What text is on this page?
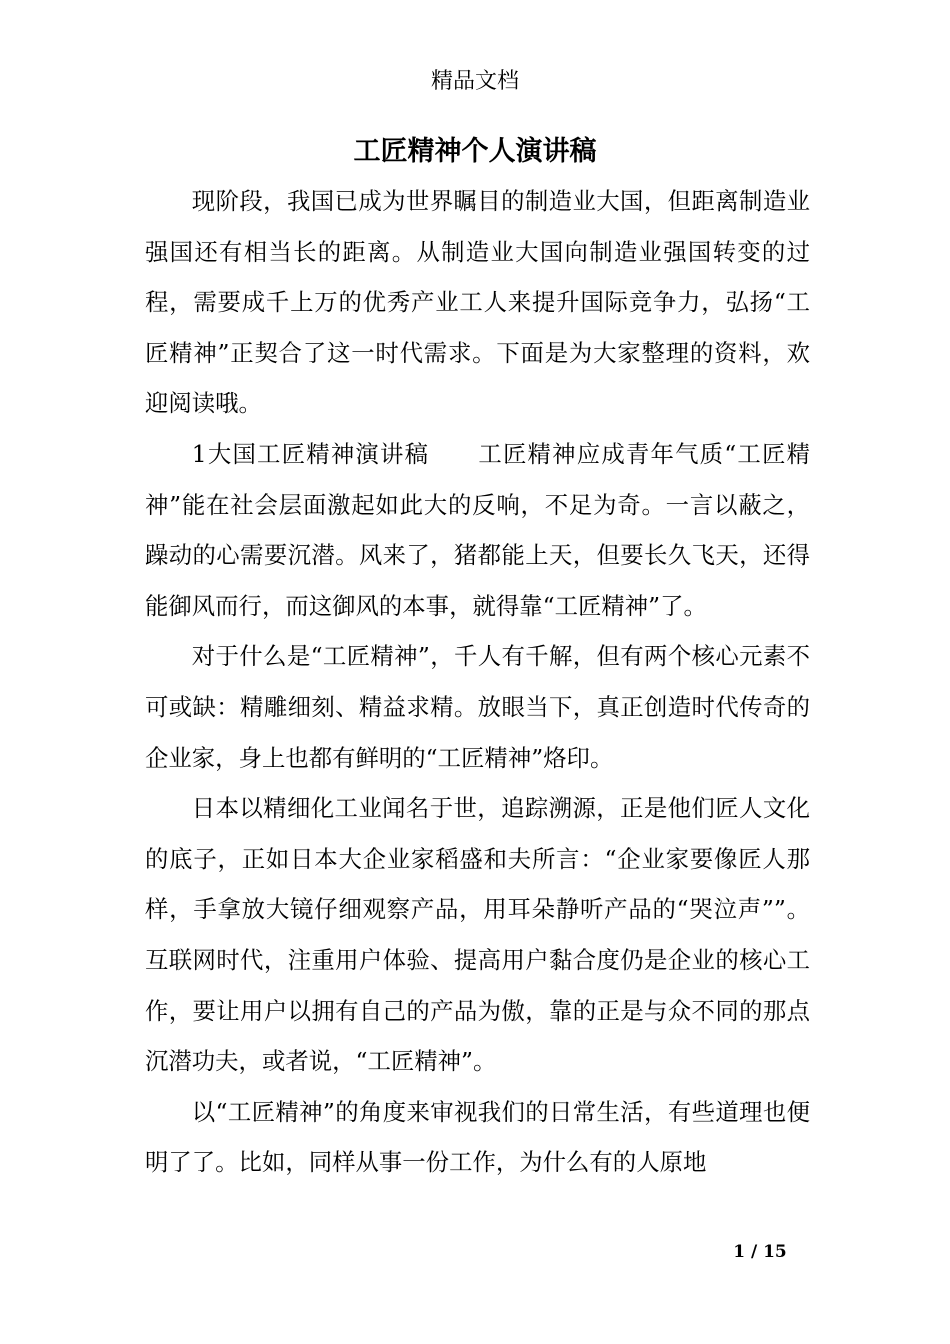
精品文档
工匠精神个人演讲稿

现阶段，我国已成为世界瞩目的制造业大国，但距离制造业强国还有相当长的距离。从制造业大国向制造业强国转变的过程，需要成千上万的优秀产业工人来提升国际竞争力，弘扬“工匠精神”正契合了这一时代需求。下面是为大家整理的资料，欢迎阅读哦。

1大国工匠精神演讲稿　　工匠精神应成青年气质“工匠精神”能在社会层面激起如此大的反响，不足为奇。一言以蔽之，躁动的心需要沉潜。风来了，猪都能上天，但要长久飞天，还得能御风而行，而这御风的本事，就得靠“工匠精神”了。

对于什么是“工匠精神”，千人有千解，但有两个核心元素不可或缺：精雕细刻、精益求精。放眼当下，真正创造时代传奇的企业家，身上也都有鲜明的“工匠精神”烙印。

日本以精细化工业闻名于世，追踪溯源，正是他们匠人文化的底子，正如日本大企业家稻盛和夫所言：“企业家要像匠人那样，手拿放大镜仔细观察产品，用耳朵静听产品的“哭泣声””。互联网时代，注重用户体验、提高用户黏合度仍是企业的核心工作，要让用户以拥有自己的产品为傲，靠的正是与众不同的那点沉潜功夫，或者说，“工匠精神”。

以“工匠精神”的角度来审视我们的日常生活，有些道理也便明了了。比如，同样从事一份工作，为什么有的人原地

1 / 15
